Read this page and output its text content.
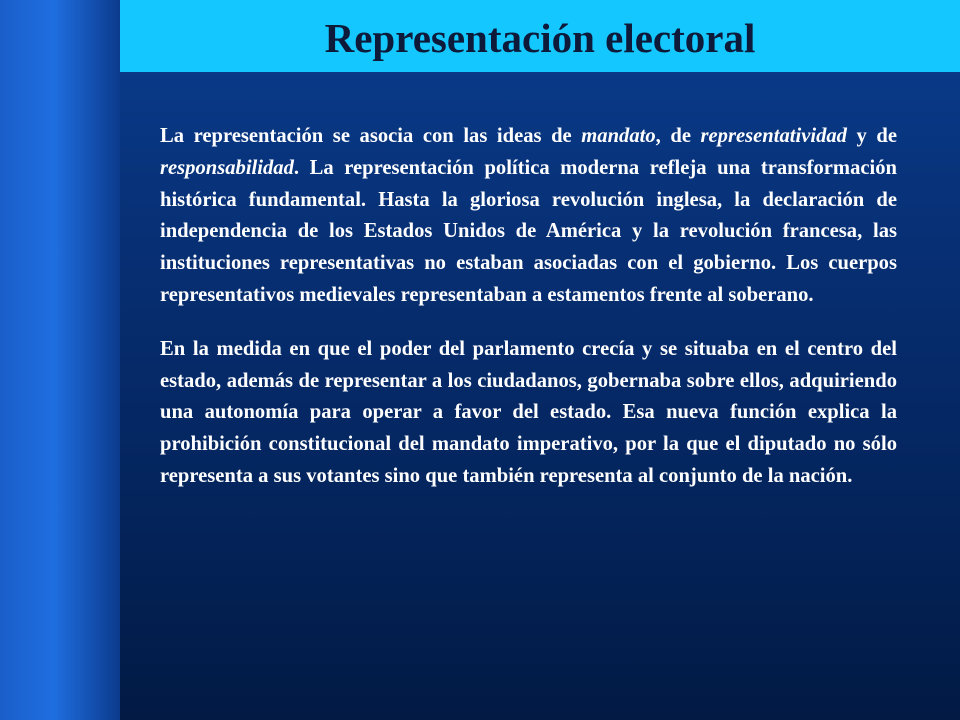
Representación electoral

La representación se asocia con las ideas de mandato, de representatividad y de responsabilidad. La representación política moderna refleja una transformación histórica fundamental. Hasta la gloriosa revolución inglesa, la declaración de independencia de los Estados Unidos de América y la revolución francesa, las instituciones representativas no estaban asociadas con el gobierno. Los cuerpos representativos medievales representaban a estamentos frente al soberano.

En la medida en que el poder del parlamento crecía y se situaba en el centro del estado, además de representar a los ciudadanos, gobernaba sobre ellos, adquiriendo una autonomía para operar a favor del estado. Esa nueva función explica la prohibición constitucional del mandato imperativo, por la que el diputado no sólo representa a sus votantes sino que también representa al conjunto de la nación.
